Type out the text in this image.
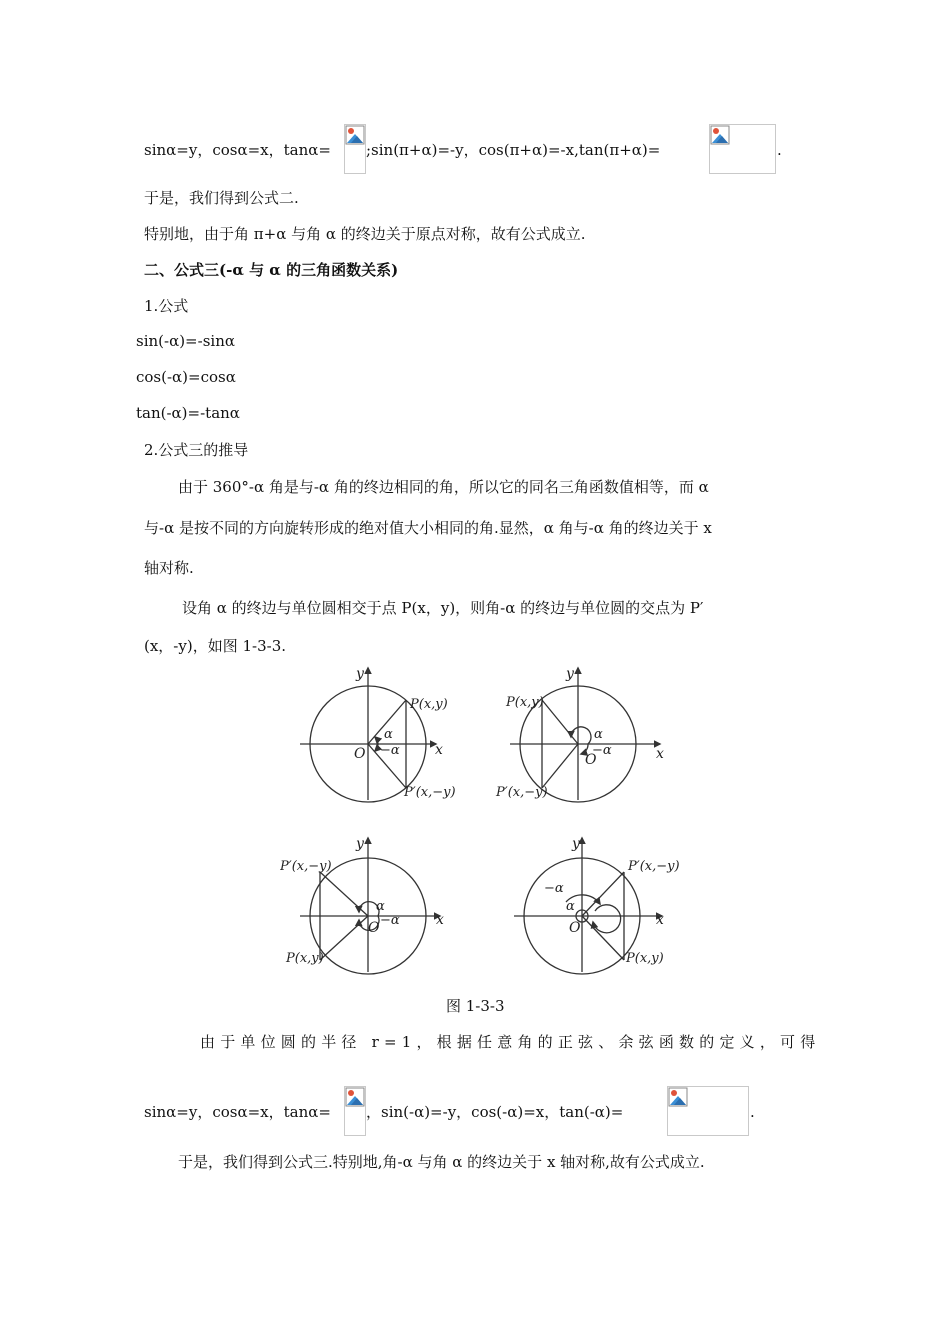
sinα=y，cosα=x，tanα= ;sin(π+α)=-y，cos(π+α)=-x,tan(π+α)=	.
于是，我们得到公式二.
特别地，由于角 π+α 与角 α 的终边关于原点对称，故有公式成立.
二、公式三(-α 与 α 的三角函数关系)
1.公式
sin(-α)=-sinα
cos(-α)=cosα
tan(-α)=-tanα
2.公式三的推导
由于 360°-α 角是与-α 角的终边相同的角，所以它的同名三角函数值相等，而 α
与-α 是按不同的方向旋转形成的绝对值大小相同的角.显然，α 角与-α 角的终边关于 x
轴对称.
设角 α 的终边与单位圆相交于点 P(x，y)，则角-α 的终边与单位圆的交点为 P′
(x，-y)，如图 1-3-3.
y
x
O
α
−α
P(x,y)
P′(x,−y)
y
x
O
α
−α
P(x,y)
P′(x,−y)
y
x
O
α
−α
P′(x,−y)
P(x,y)
y
x
O
α
−α
P′(x,−y)
P(x,y)
图 1-3-3
由于单位圆的半径 r=1，根据任意角的正弦、余弦函数的定义，可得
sinα=y，cosα=x，tanα= ，sin(-α)=-y，cos(-α)=x，tan(-α)=	.
于是，我们得到公式三.特别地,角-α 与角 α 的终边关于 x 轴对称,故有公式成立.
